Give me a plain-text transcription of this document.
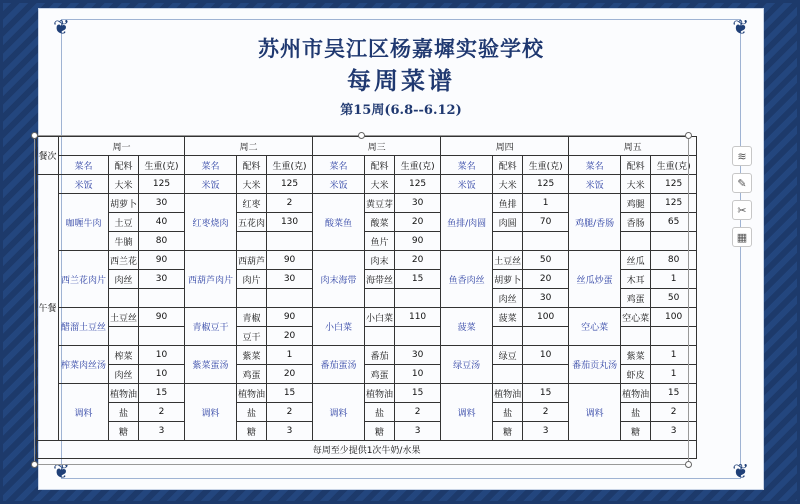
❦	❦
❦	❦
苏州市吴江区杨嘉墀实验学校
每周菜谱
第15周(6.8--6.12)
餐次	周一			周二			周三			周四			周五		
	菜名	配料	生重(克)	菜名	配料	生重(克)	菜名	配料	生重(克)	菜名	配料	生重(克)	菜名	配料	生重(克)
午餐	米饭	大米	125	米饭	大米	125	米饭	大米	125	米饭	大米	125	米饭	大米	125
	咖喱牛肉	胡萝卜	30	红枣烧肉	红枣	2	酸菜鱼	黄豆芽	30	鱼排/肉圆	鱼排	1	鸡腿/香肠	鸡腿	125
		土豆	40		五花肉	130		酸菜	20		肉圆	70		香肠	65
		牛腩	80					鱼片	90						
	西兰花肉片	西兰花	90	西葫芦肉片	西葫芦	90	肉末海带	肉末	20	鱼香肉丝	土豆丝	50	丝瓜炒蛋	丝瓜	80
		肉丝	30		肉片	30		海带丝	15		胡萝卜	20		木耳	1
											肉丝	30		鸡蛋	50
	醋溜土豆丝	土豆丝	90	青椒豆干	青椒	90	小白菜	小白菜	110	菠菜	菠菜	100	空心菜	空心菜	100
					豆干	20									
	榨菜肉丝汤	榨菜	10	紫菜蛋汤	紫菜	1	番茄蛋汤	番茄	30	绿豆汤	绿豆	10	番茄贡丸汤	紫菜	1
		肉丝	10		鸡蛋	20		鸡蛋	10					虾皮	1
	调料	植物油	15	调料	植物油	15	调料	植物油	15	调料	植物油	15	调料	植物油	15
		盐	2		盐	2		盐	2		盐	2		盐	2
		糖	3		糖	3		糖	3		糖	3		糖	3
每周至少提供1次牛奶/水果															
≋
✎
✂
▦
